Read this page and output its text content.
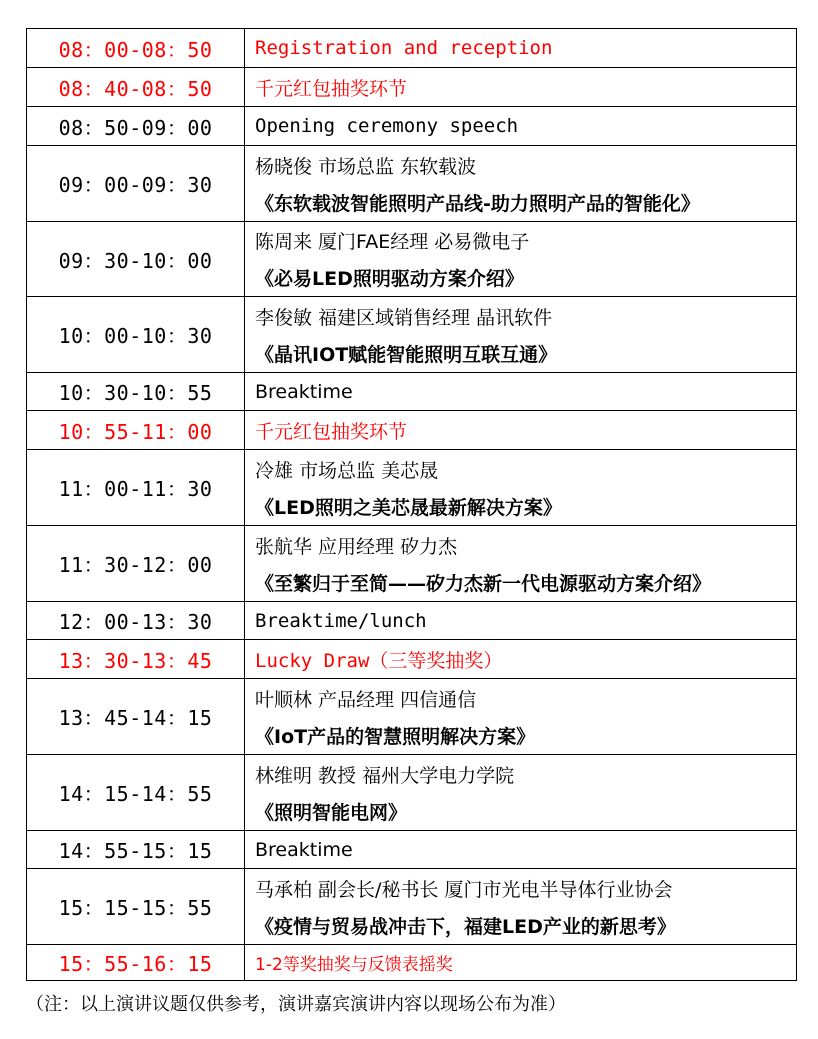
08：00-08：50	Registration and reception

08：40-08：50	千元红包抽奖环节

08：50-09：00	Opening ceremony speech

09：00-09：30	杨晓俊 市场总监 东软载波
《东软载波智能照明产品线-助力照明产品的智能化》

09：30-10：00	陈周来 厦门FAE经理 必易微电子
《必易LED照明驱动方案介绍》

10：00-10：30	李俊敏 福建区域销售经理 晶讯软件
《晶讯IOT赋能智能照明互联互通》

10：30-10：55	Breaktime

10：55-11：00	千元红包抽奖环节

11：00-11：30	冷雄 市场总监 美芯晟
《LED照明之美芯晟最新解决方案》

11：30-12：00	张航华 应用经理 矽力杰
《至繁归于至简——矽力杰新一代电源驱动方案介绍》

12：00-13：30	Breaktime/lunch

13：30-13：45	Lucky Draw（三等奖抽奖）

13：45-14：15	叶顺林 产品经理 四信通信
《IoT产品的智慧照明解决方案》

14：15-14：55	林维明 教授 福州大学电力学院
《照明智能电网》

14：55-15：15	Breaktime

15：15-15：55	马承柏 副会长/秘书长 厦门市光电半导体行业协会
《疫情与贸易战冲击下，福建LED产业的新思考》

15：55-16：15	1-2等奖抽奖与反馈表摇奖
（注：以上演讲议题仅供参考，演讲嘉宾演讲内容以现场公布为准）
